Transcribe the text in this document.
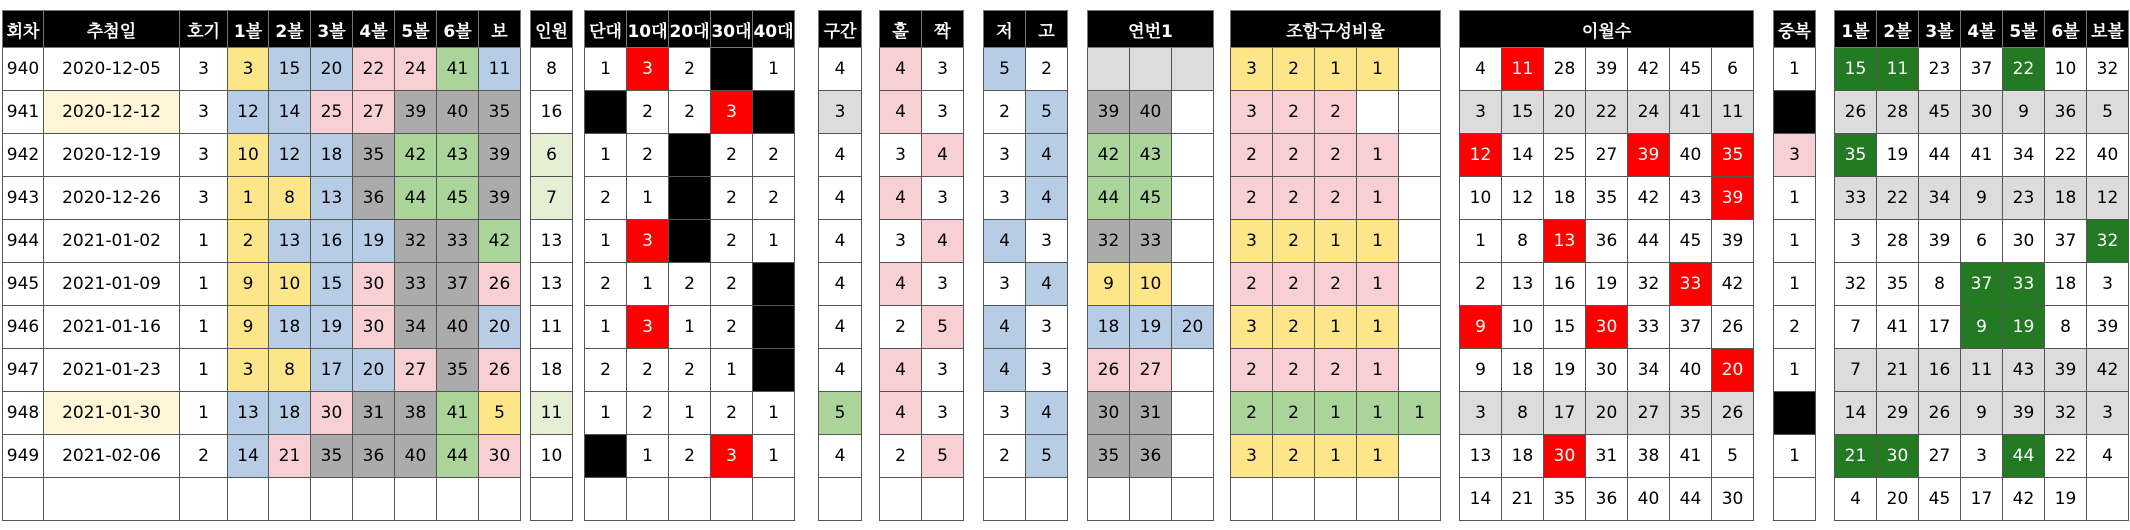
회차	추첨일	호기	1볼	2볼	3볼	4볼	5볼	6볼	보
940	2020-12-05	3	3	15	20	22	24	41	11
941	2020-12-12	3	12	14	25	27	39	40	35
942	2020-12-19	3	10	12	18	35	42	43	39
943	2020-12-26	3	1	8	13	36	44	45	39
944	2021-01-02	1	2	13	16	19	32	33	42
945	2021-01-09	1	9	10	15	30	33	37	26
946	2021-01-16	1	9	18	19	30	34	40	20
947	2021-01-23	1	3	8	17	20	27	35	26
948	2021-01-30	1	13	18	30	31	38	41	5
949	2021-02-06	2	14	21	35	36	40	44	30

인원
8
16
6
7
13
13
11
18
11
10

단대	10대	20대	30대	40대
1	3	2		1
	2	2	3	
1	2		2	2
2	1		2	2
1	3		2	1
2	1	2	2	
1	3	1	2	
2	2	2	1	
1	2	1	2	1
	1	2	3	1

구간
4
3
4
4
4
4
4
4
5
4

홀	짝
4	3
4	3
3	4
4	3
3	4
4	3
2	5
4	3
4	3
2	5

저	고
5	2
2	5
3	4
3	4
4	3
3	4
4	3
4	3
3	4
2	5

연번1		

39	40	
42	43	
44	45	
32	33	
9	10	
18	19	20
26	27	
30	31	
35	36	

조합구성비율				
3	2	1	1	
3	2	2		
2	2	2	1	
2	2	2	1	
3	2	1	1	
2	2	2	1	
3	2	1	1	
2	2	2	1	
2	2	1	1	1
3	2	1	1	

이월수						
4	11	28	39	42	45	6
3	15	20	22	24	41	11
12	14	25	27	39	40	35
10	12	18	35	42	43	39
1	8	13	36	44	45	39
2	13	16	19	32	33	42
9	10	15	30	33	37	26
9	18	19	30	34	40	20
3	8	17	20	27	35	26
13	18	30	31	38	41	5
14	21	35	36	40	44	30
중복
1

3
1
1
1
2
1

1

1볼	2볼	3볼	4볼	5볼	6볼	보볼
15	11	23	37	22	10	32
26	28	45	30	9	36	5
35	19	44	41	34	22	40
33	22	34	9	23	18	12
3	28	39	6	30	37	32
32	35	8	37	33	18	3
7	41	17	9	19	8	39
7	21	16	11	43	39	42
14	29	26	9	39	32	3
21	30	27	3	44	22	4
4	20	45	17	42	19	
